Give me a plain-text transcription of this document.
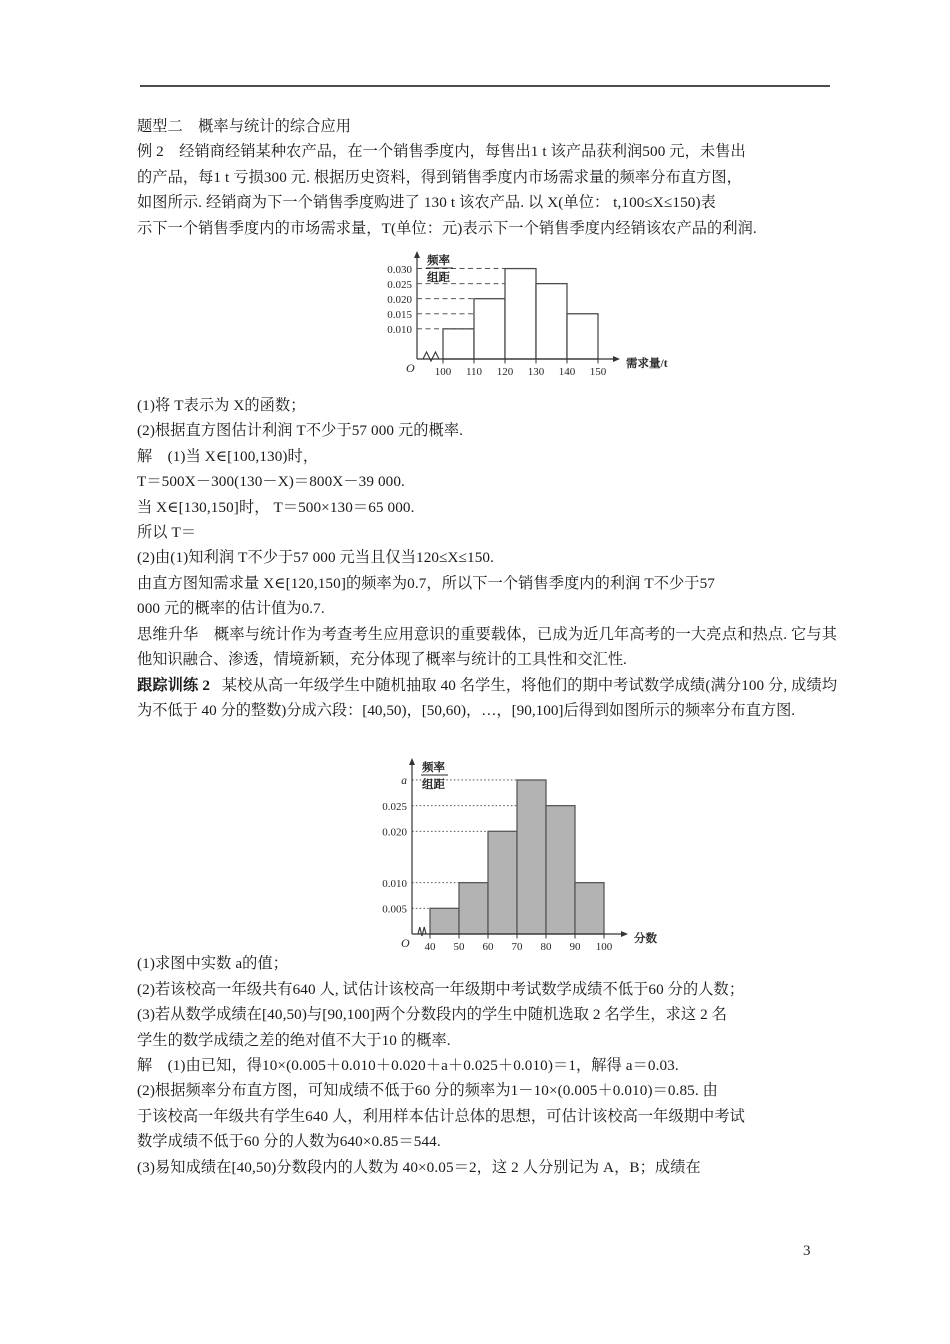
题型二　概率与统计的综合应用
例 2　经销商经销某种农产品，在一个销售季度内，每售出1 t 该产品获利润500 元，未售出
的产品，每1 t 亏损300 元. 根据历史资料，得到销售季度内市场需求量的频率分布直方图，
如图所示. 经销商为下一个销售季度购进了 130 t 该农产品. 以 X(单位： t,100≤X≤150)表
示下一个销售季度内的市场需求量，T(单位：元)表示下一个销售季度内经销该农产品的利润.
(1)将 T表示为 X的函数；
(2)根据直方图估计利润 T不少于57 000 元的概率.
解　(1)当 X∈[100,130)时，
T＝500X－300(130－X)＝800X－39 000.
当 X∈[130,150]时， T＝500×130＝65 000.
所以 T＝
(2)由(1)知利润 T不少于57 000 元当且仅当120≤X≤150.
由直方图知需求量 X∈[120,150]的频率为0.7，所以下一个销售季度内的利润 T不少于57
000 元的概率的估计值为0.7.
思维升华　概率与统计作为考查考生应用意识的重要载体，已成为近几年高考的一大亮点和热点. 它与其他知识融合、渗透，情境新颖，充分体现了概率与统计的工具性和交汇性.
跟踪训练 2 某校从高一年级学生中随机抽取 40 名学生，将他们的期中考试数学成绩(满分100 分, 成绩均为不低于 40 分的整数)分成六段：[40,50)，[50,60)，…，[90,100]后得到如图所示的频率分布直方图.
(1)求图中实数 a的值；
(2)若该校高一年级共有640 人, 试估计该校高一年级期中考试数学成绩不低于60 分的人数；
(3)若从数学成绩在[40,50)与[90,100]两个分数段内的学生中随机选取 2 名学生，求这 2 名
学生的数学成绩之差的绝对值不大于10 的概率.
解　(1)由已知，得10×(0.005＋0.010＋0.020＋a＋0.025＋0.010)＝1，解得 a＝0.03.
(2)根据频率分布直方图，可知成绩不低于60 分的频率为1－10×(0.005＋0.010)＝0.85. 由
于该校高一年级共有学生640 人，利用样本估计总体的思想，可估计该校高一年级期中考试
数学成绩不低于60 分的人数为640×0.85＝544.
(3)易知成绩在[40,50)分数段内的人数为 40×0.05＝2，这 2 人分别记为 A，B；成绩在
0.010
0.015
0.020
0.025
0.030
100 110 120 130 140 150
O
频率
组距
需求量/t
0.005
0.010
0.020
0.025
a
40 50 60 70 80 90 100
O
频率
组距
分数
3
